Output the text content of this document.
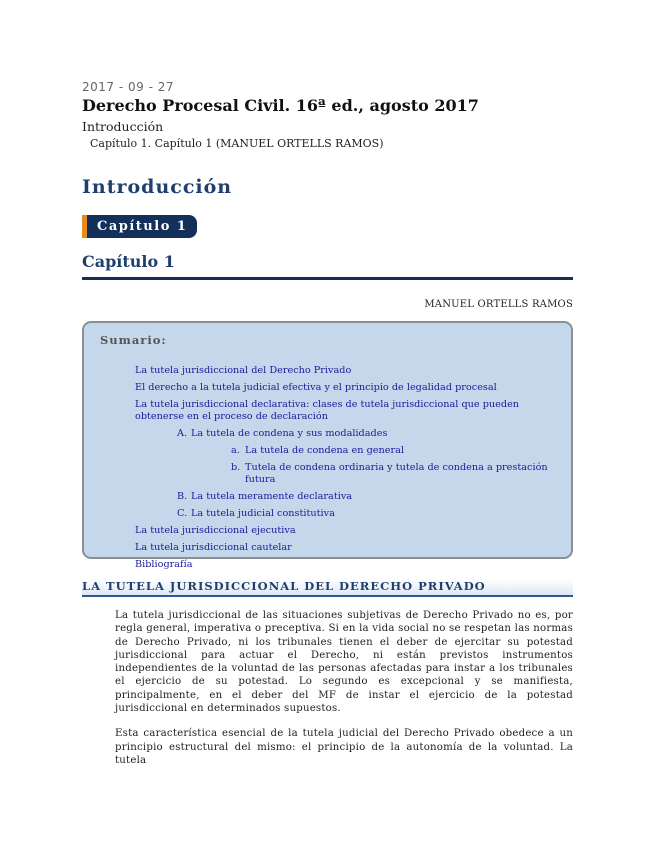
2017 - 09 - 27
Derecho Procesal Civil. 16ª ed., agosto 2017
Introducción
Capítulo 1. Capítulo 1 (MANUEL ORTELLS RAMOS)
Introducción
Capítulo 1
Capítulo 1
MANUEL ORTELLS RAMOS
Sumario:
La tutela jurisdiccional del Derecho Privado
El derecho a la tutela judicial efectiva y el principio de legalidad procesal
La tutela jurisdiccional declarativa: clases de tutela jurisdiccional que pueden obtenerse en el proceso de declaración
A. La tutela de condena y sus modalidades
a. La tutela de condena en general
b. Tutela de condena ordinaria y tutela de condena a prestación futura
B. La tutela meramente declarativa
C. La tutela judicial constitutiva
La tutela jurisdiccional ejecutiva
La tutela jurisdiccional cautelar
Bibliografía
LA TUTELA JURISDICCIONAL DEL DERECHO PRIVADO

La tutela jurisdiccional de las situaciones subjetivas de Derecho Privado no es, por regla general, imperativa o preceptiva. Si en la vida social no se respetan las normas de Derecho Privado, ni los tribunales tienen el deber de ejercitar su potestad jurisdiccional para actuar el Derecho, ni están previstos instrumentos independientes de la voluntad de las personas afectadas para instar a los tribunales el ejercicio de su potestad. Lo segundo es excepcional y se manifiesta, principalmente, en el deber del MF de instar el ejercicio de la potestad jurisdiccional en determinados supuestos.

Esta característica esencial de la tutela judicial del Derecho Privado obedece a un principio estructural del mismo: el principio de la autonomía de la voluntad. La tutela
